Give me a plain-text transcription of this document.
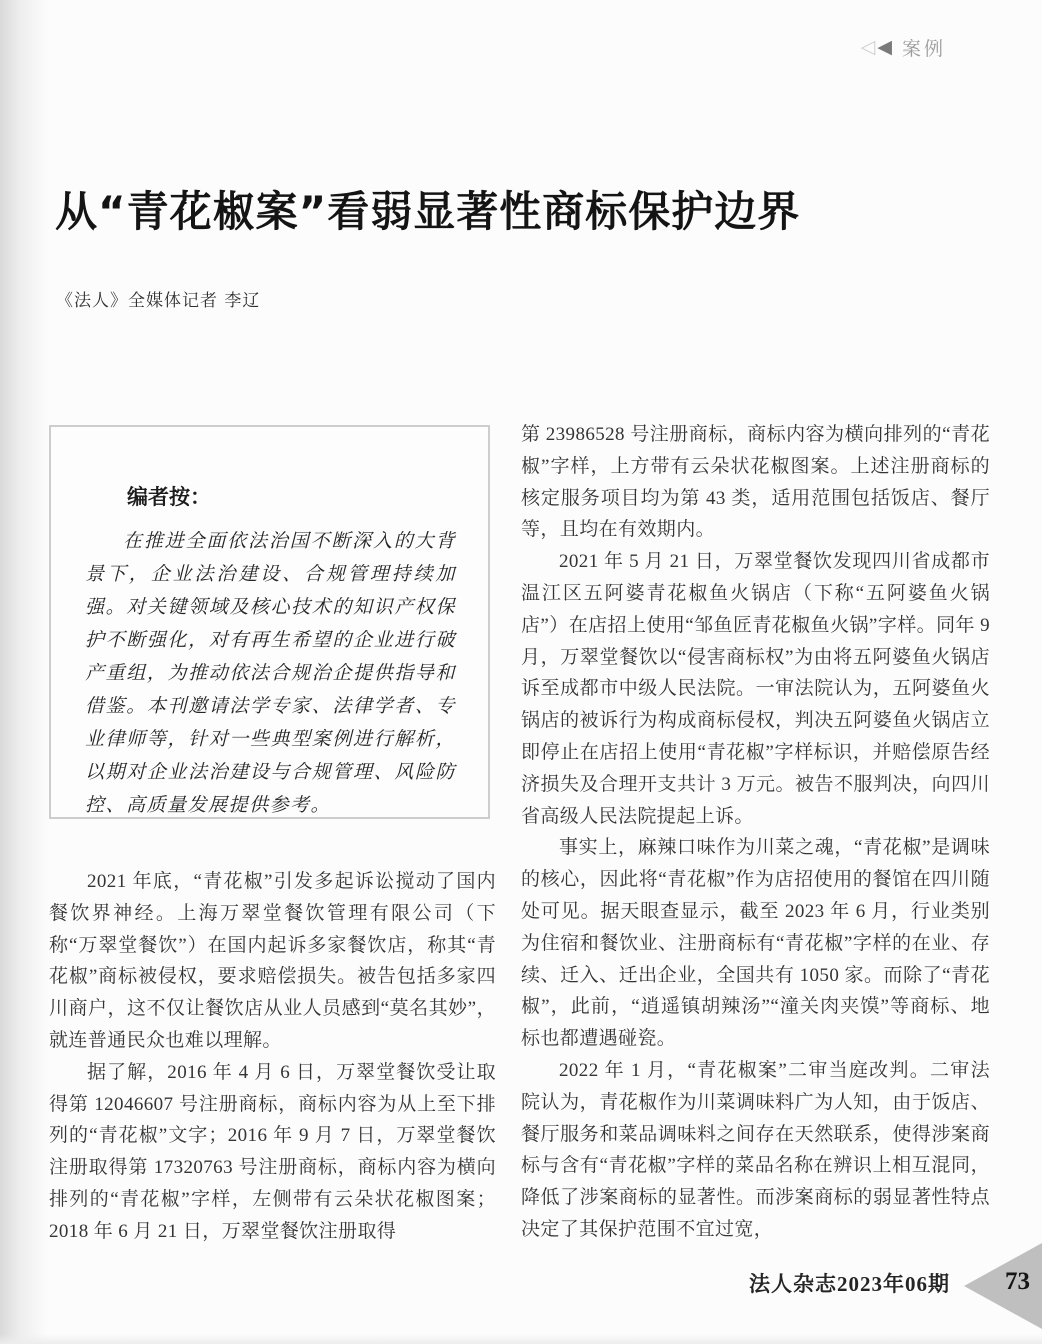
◁ ◀ 案例
从“青花椒案”看弱显著性商标保护边界
《法人》全媒体记者 李辽
编者按：

在推进全面依法治国不断深入的大背景下，企业法治建设、合规管理持续加强。对关键领域及核心技术的知识产权保护不断强化，对有再生希望的企业进行破产重组，为推动依法合规治企提供指导和借鉴。本刊邀请法学专家、法律学者、专业律师等，针对一些典型案例进行解析，以期对企业法治建设与合规管理、风险防控、高质量发展提供参考。

2021 年底，“青花椒”引发多起诉讼搅动了国内餐饮界神经。上海万翠堂餐饮管理有限公司（下称“万翠堂餐饮”）在国内起诉多家餐饮店，称其“青花椒”商标被侵权，要求赔偿损失。被告包括多家四川商户，这不仅让餐饮店从业人员感到“莫名其妙”，就连普通民众也难以理解。

据了解，2016 年 4 月 6 日，万翠堂餐饮受让取得第 12046607 号注册商标，商标内容为从上至下排列的“青花椒”文字；2016 年 9 月 7 日，万翠堂餐饮注册取得第 17320763 号注册商标，商标内容为横向排列的“青花椒”字样，左侧带有云朵状花椒图案；2018 年 6 月 21 日，万翠堂餐饮注册取得

第 23986528 号注册商标，商标内容为横向排列的“青花椒”字样，上方带有云朵状花椒图案。上述注册商标的核定服务项目均为第 43 类，适用范围包括饭店、餐厅等，且均在有效期内。

2021 年 5 月 21 日，万翠堂餐饮发现四川省成都市温江区五阿婆青花椒鱼火锅店（下称“五阿婆鱼火锅店”）在店招上使用“邹鱼匠青花椒鱼火锅”字样。同年 9 月，万翠堂餐饮以“侵害商标权”为由将五阿婆鱼火锅店诉至成都市中级人民法院。一审法院认为，五阿婆鱼火锅店的被诉行为构成商标侵权，判决五阿婆鱼火锅店立即停止在店招上使用“青花椒”字样标识，并赔偿原告经济损失及合理开支共计 3 万元。被告不服判决，向四川省高级人民法院提起上诉。

事实上，麻辣口味作为川菜之魂，“青花椒”是调味的核心，因此将“青花椒”作为店招使用的餐馆在四川随处可见。据天眼查显示，截至 2023 年 6 月，行业类别为住宿和餐饮业、注册商标有“青花椒”字样的在业、存续、迁入、迁出企业，全国共有 1050 家。而除了“青花椒”，此前，“逍遥镇胡辣汤”“潼关肉夹馍”等商标、地标也都遭遇碰瓷。

2022 年 1 月，“青花椒案”二审当庭改判。二审法院认为，青花椒作为川菜调味料广为人知，由于饭店、餐厅服务和菜品调味料之间存在天然联系，使得涉案商标与含有“青花椒”字样的菜品名称在辨识上相互混同，降低了涉案商标的显著性。而涉案商标的弱显著性特点决定了其保护范围不宜过宽，

法人杂志2023年06期 73
